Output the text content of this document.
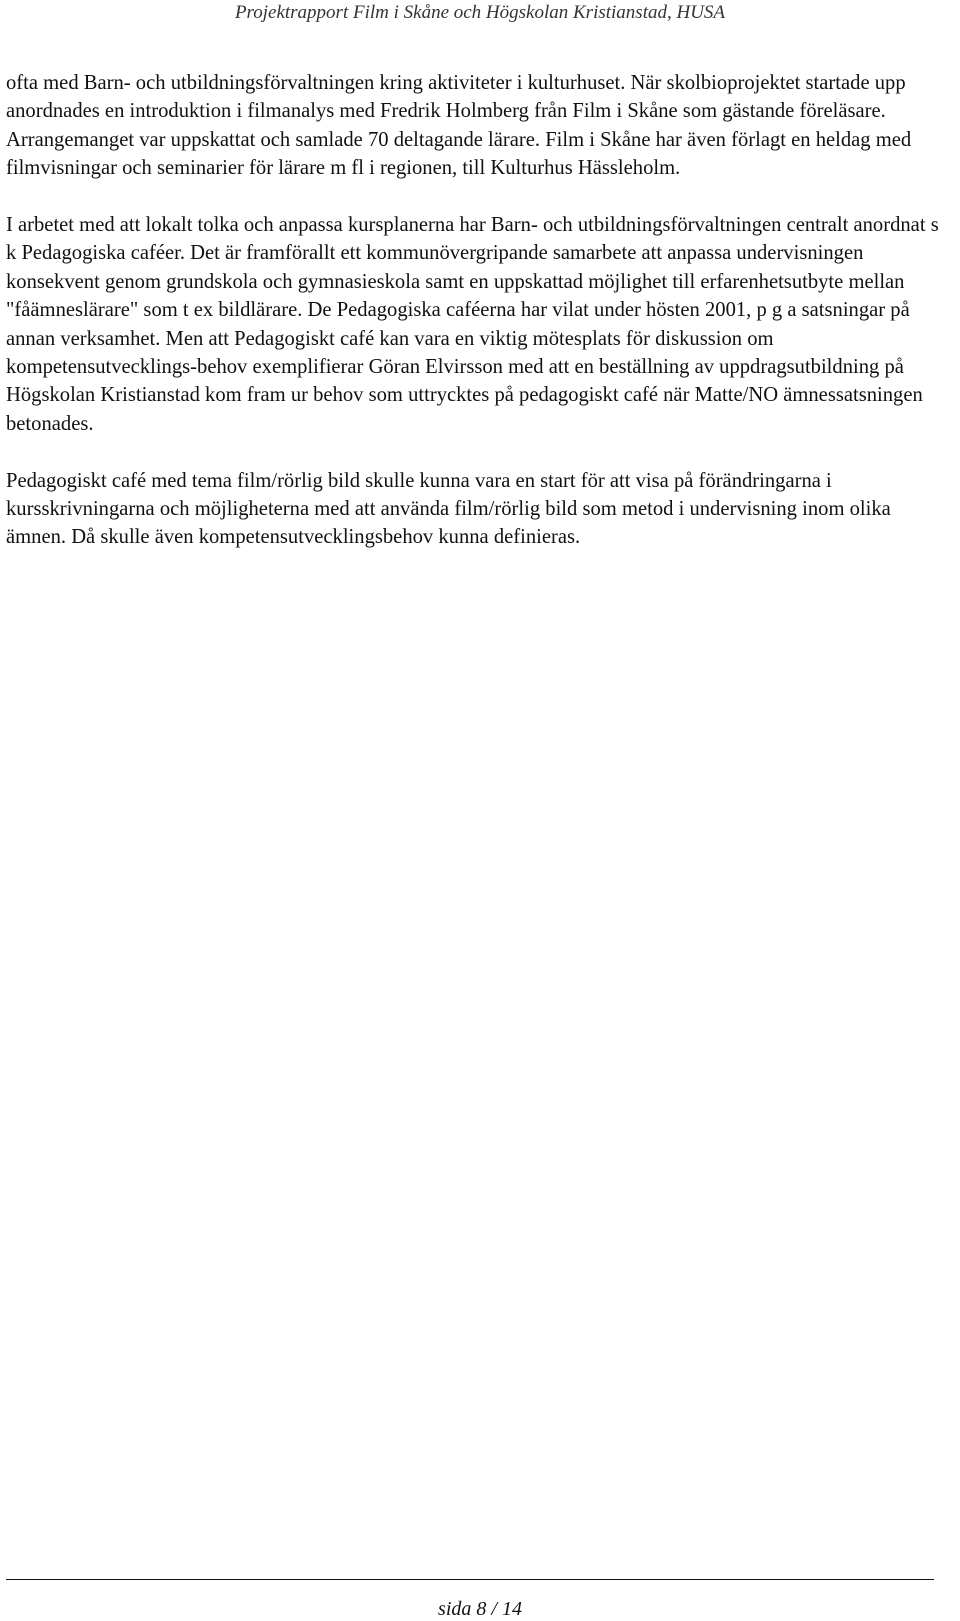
Projektrapport Film i Skåne och Högskolan Kristianstad, HUSA

ofta med Barn- och utbildningsförvaltningen kring aktiviteter i kulturhuset. När skolbioprojektet startade upp anordnades en introduktion i filmanalys med Fredrik Holmberg från Film i Skåne som gästande föreläsare. Arrangemanget var uppskattat och samlade 70 deltagande lärare. Film i Skåne har även förlagt en heldag med filmvisningar och seminarier för lärare m fl i regionen, till Kulturhus Hässleholm.

I arbetet med att lokalt tolka och anpassa kursplanerna har Barn- och utbildningsförvaltningen centralt anordnat s k Pedagogiska caféer. Det är framförallt ett kommunövergripande samarbete att anpassa undervisningen konsekvent genom grundskola och gymnasieskola samt en uppskattad möjlighet till erfarenhetsutbyte mellan "fåämneslärare" som t ex bildlärare. De Pedagogiska caféerna har vilat under hösten 2001, p g a satsningar på annan verksamhet. Men att Pedagogiskt café kan vara en viktig mötesplats för diskussion om kompetensutvecklings-behov exemplifierar Göran Elvirsson med att en beställning av uppdragsutbildning på Högskolan Kristianstad kom fram ur behov som uttrycktes på pedagogiskt café när Matte/NO ämnessatsningen betonades.

Pedagogiskt café med tema film/rörlig bild skulle kunna vara en start för att visa på förändringarna i kursskrivningarna och möjligheterna med att använda film/rörlig bild som metod i undervisning inom olika ämnen. Då skulle även kompetensutvecklingsbehov kunna definieras.

sida 8 / 14
